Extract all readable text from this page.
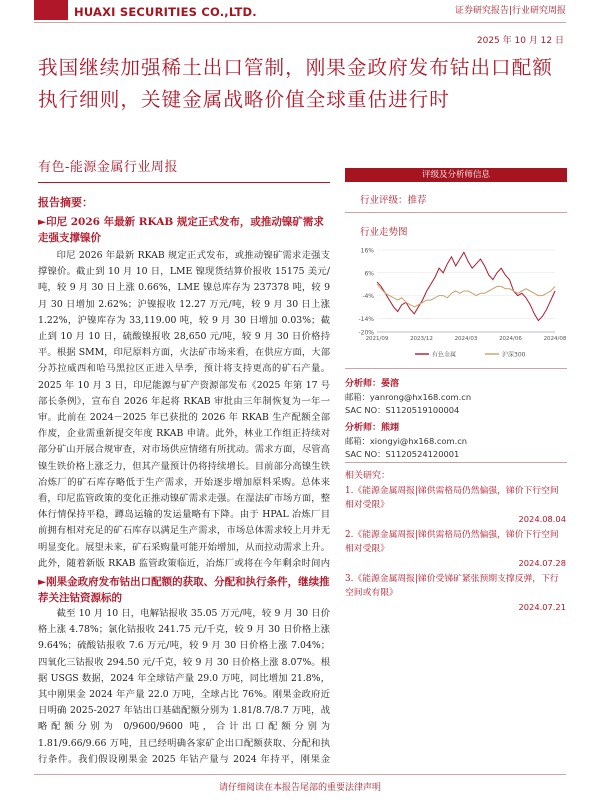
HUAXI SECURITIES CO.,LTD.	证券研究报告|行业研究周报
2025 年 10 月 12 日
我国继续加强稀土出口管制，刚果金政府发布钴出口配额执行细则，关键金属战略价值全球重估进行时
有色-能源金属行业周报
报告摘要：
►印尼 2026 年最新 RKAB 规定正式发布，或推动镍矿需求走强支撑镍价
印尼 2026 年最新 RKAB 规定正式发布，或推动镍矿需求走强支撑镍价。截止到 10 月 10 日，LME 镍现货结算价报收 15175 美元/吨，较 9 月 30 日上涨 0.66%，LME 镍总库存为 237378 吨，较 9 月 30 日增加 2.62%；沪镍报收 12.27 万元/吨，较 9 月 30 日上涨 1.22%，沪镍库存为 33,119.00 吨，较 9 月 30 日增加 0.03%；截止到 10 月 10 日，硫酸镍报收 28,650 元/吨，较 9 月 30 日价格持平。根据 SMM，印尼原料方面，火法矿市场来看，在供应方面，大部分苏拉威西和哈马黑拉区正进入旱季，预计将支持更高的矿石产量。2025 年 10 月 3 日，印尼能源与矿产资源部发布《2025 年第 17 号部长条例》，宣布自 2026 年起将 RKAB 审批由三年制恢复为一年一审。此前在 2024－2025 年已获批的 2026 年 RKAB 生产配额全部作废，企业需重新提交年度 RKAB 申请。此外，林业工作组正持续对部分矿山开展合规审查，对市场供应情绪有所扰动。需求方面，尽管高镍生铁价格上涨乏力，但其产量预计仍将持续增长。目前部分高镍生铁冶炼厂的矿石库存略低于生产需求，开始逐步增加原料采购。总体来看，印尼监管政策的变化正推动镍矿需求走强。在湿法矿市场方面，整体行情保持平稳，蹲岛运输的发运量略有下降。由于 HPAL 冶炼厂目前拥有相对充足的矿石库存以满足生产需求，市场总体需求较上月并无明显变化。展望未来，矿石采购量可能开始增加，从而拉动需求上升。此外，随着新版 RKAB 监管政策临近，冶炼厂或将在今年剩余时间内
►刚果金政府发布钴出口配额的获取、分配和执行条件，继续推荐关注钴资源标的
截至 10 月 10 日，电解钴报收 35.05 万元/吨，较 9 月 30 日价格上涨 4.78%；氯化钴报收 241.75 元/千克，较 9 月 30 日价格上涨 9.64%；硫酸钴报收 7.6 万元/吨，较 9 月 30 日价格上涨 7.04%；四氧化三钴报收 294.50 元/千克，较 9 月 30 日价格上涨 8.07%。根据 USGS 数据，2024 年全球钴产量 29.0 万吨，同比增加 21.8%，其中刚果金 2024 年产量 22.0 万吨，全球占比 76%。刚果金政府近日明确 2025-2027 年钴出口基础配额分别为 1.81/8.7/8.7 万吨，战略配额分别为 0/9600/9600 吨，合计出口配额分别为 1.81/9.66/9.66 万吨，且已经明确各家矿企出口配额获取、分配和执行条件。我们假设刚果金 2025 年钴产量与 2024 年持平，刚果金
评级及分析师信息
行业评级：推荐
行业走势图
16%
6%
-4%
-14%
-20%
2021/09	2023/12	2024/03	2024/06	2024/08
有色金属	沪深300
分析师：晏溶
邮箱：yanrong@hx168.com.cn
SAC NO：S1120519100004
分析师：熊翊
邮箱：xiongyi@hx168.com.cn
SAC NO：S1120524120001
相关研究：
1.《能源金属周报|锑供需格局仍然偏强，锑价下行空间相对受限》
2024.08.04
2.《能源金属周报|锑供需格局仍然偏强，锑价下行空间相对受限》
2024.07.28
3.《能源金属周报|锑价受锑矿紧张预期支撑反弹，下行空间或有限》
2024.07.21
请仔细阅读在本报告尾部的重要法律声明
